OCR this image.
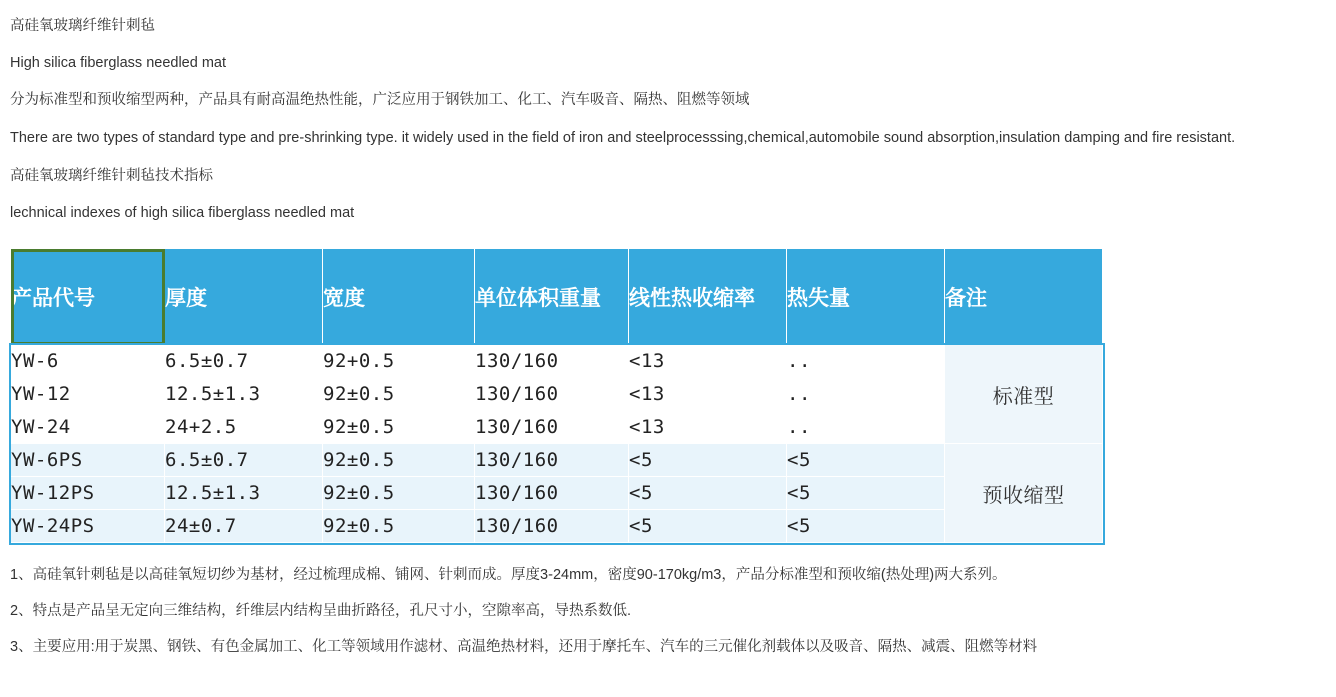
高硅氧玻璃纤维针刺毡

High silica fiberglass needled mat

分为标准型和预收缩型两种，产品具有耐高温绝热性能，广泛应用于钢铁加工、化工、汽车吸音、隔热、阻燃等领域

There are two types of standard type and pre-shrinking type. it widely used in the field of iron and steelprocesssing,chemical,automobile sound absorption,insulation damping and fire resistant.

高硅氧玻璃纤维针刺毡技术指标

lechnical indexes of high silica fiberglass needled mat

产品代号	厚度	宽度	单位体积重量	线性热收缩率	热失量	备注
YW-6	6.5±0.7	92+0.5	130/160	<13	..	标准型
YW-12	12.5±1.3	92±0.5	130/160	<13	..	
YW-24	24+2.5	92±0.5	130/160	<13	..	
YW-6PS	6.5±0.7	92±0.5	130/160	<5	<5	预收缩型
YW-12PS	12.5±1.3	92±0.5	130/160	<5	<5	
YW-24PS	24±0.7	92±0.5	130/160	<5	<5	

1、高硅氧针刺毡是以高硅氧短切纱为基材，经过梳理成棉、铺网、针刺而成。厚度3-24mm，密度90-170kg/m3，产品分标准型和预收缩(热处理)两大系列。

2、特点是产品呈无定向三维结构，纤维层内结构呈曲折路径，孔尺寸小，空隙率高，导热系数低.

3、主要应用:用于炭黑、钢铁、有色金属加工、化工等领域用作滤材、高温绝热材料，还用于摩托车、汽车的三元催化剂载体以及吸音、隔热、减震、阻燃等材料
